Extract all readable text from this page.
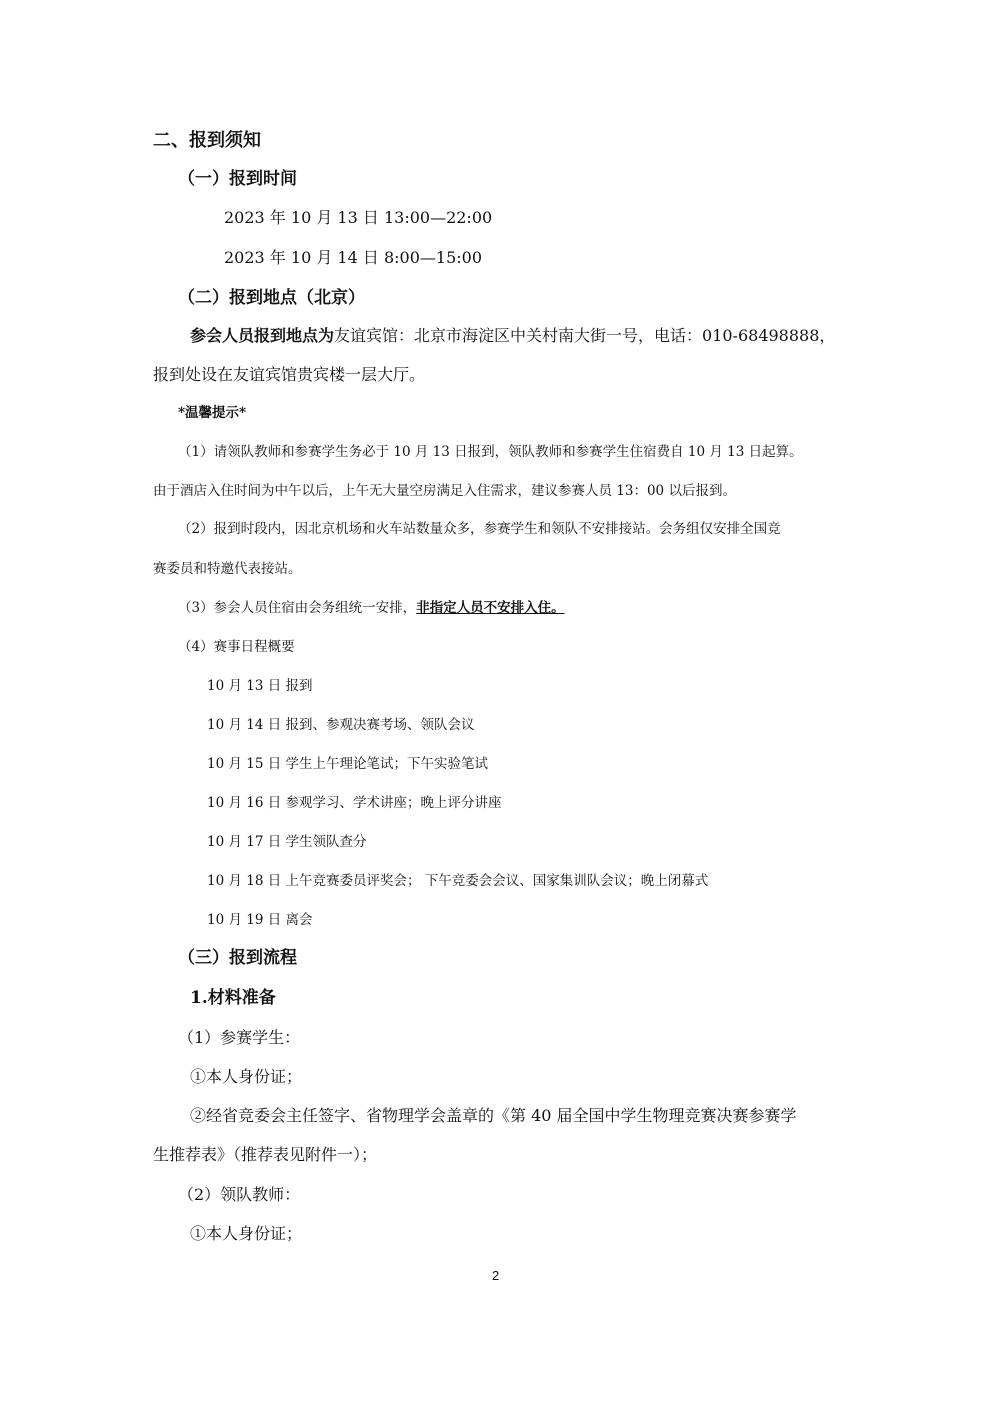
二、报到须知
（一）报到时间
2023 年 10 月 13 日 13:00—22:00
2023 年 10 月 14 日 8:00—15:00
（二）报到地点（北京）
参会人员报到地点为友谊宾馆：北京市海淀区中关村南大街一号，电话：010-68498888，
报到处设在友谊宾馆贵宾楼一层大厅。
*温馨提示*
（1）请领队教师和参赛学生务必于 10 月 13 日报到，领队教师和参赛学生住宿费自 10 月 13 日起算。
由于酒店入住时间为中午以后，上午无大量空房满足入住需求，建议参赛人员 13：00 以后报到。
（2）报到时段内，因北京机场和火车站数量众多，参赛学生和领队不安排接站。会务组仅安排全国竞
赛委员和特邀代表接站。
（3）参会人员住宿由会务组统一安排，非指定人员不安排入住。
（4）赛事日程概要
10 月 13 日 报到
10 月 14 日 报到、参观决赛考场、领队会议
10 月 15 日 学生上午理论笔试；下午实验笔试
10 月 16 日 参观学习、学术讲座；晚上评分讲座
10 月 17 日 学生领队查分
10 月 18 日 上午竞赛委员评奖会； 下午竞委会会议、国家集训队会议；晚上闭幕式
10 月 19 日 离会
（三）报到流程
1.材料准备
（1）参赛学生：
①本人身份证；
②经省竞委会主任签字、省物理学会盖章的《第 40 届全国中学生物理竞赛决赛参赛学
生推荐表》（推荐表见附件一）；
（2）领队教师：
①本人身份证；
2
